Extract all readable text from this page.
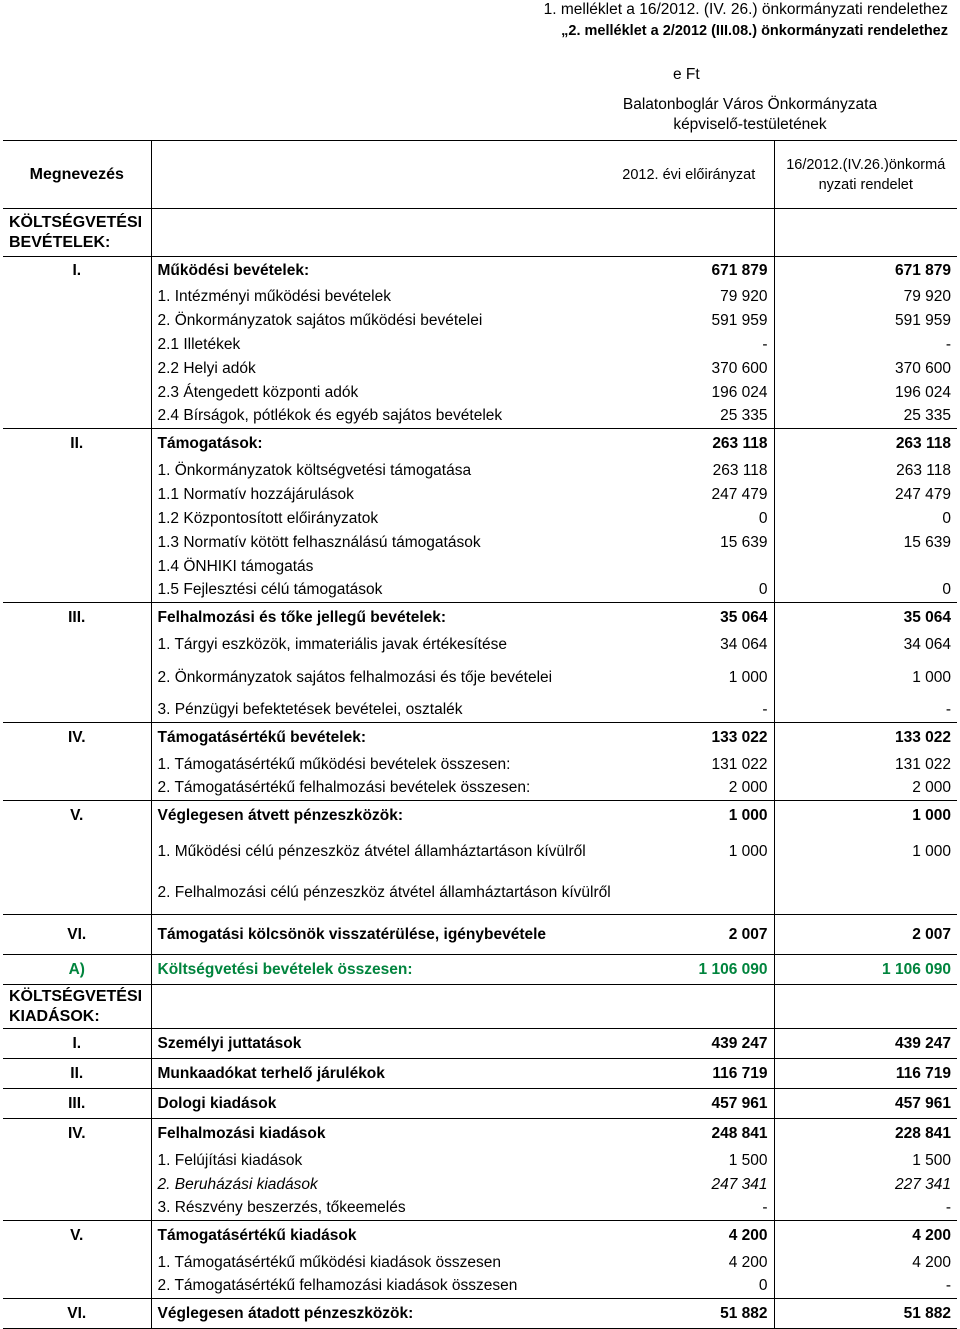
1. melléklet a 16/2012. (IV. 26.) önkormányzati rendelethez
„2. melléklet a 2/2012 (III.08.) önkormányzati rendelethez
e Ft
Balatonboglár Város Önkormányzata
képviselő-testületének
Megnevezés		2012. évi előirányzat	16/2012.(IV.26.)önkormá
nyzati rendelet
KÖLTSÉGVETÉSI BEVÉTELEK:			
I.	Működési bevételek:	671 879	671 879
	1. Intézményi működési bevételek	79 920	79 920
	2. Önkormányzatok sajátos működési bevételei	591 959	591 959
	2.1 Illetékek	-	-
	2.2 Helyi adók	370 600	370 600
	2.3 Átengedett központi adók	196 024	196 024
	2.4 Bírságok, pótlékok és egyéb sajátos bevételek	25 335	25 335
II.	Támogatások:	263 118	263 118
	1. Önkormányzatok költségvetési támogatása	263 118	263 118
	1.1 Normatív hozzájárulások	247 479	247 479
	1.2 Központosított előirányzatok	0	0
	1.3 Normatív kötött felhasználású támogatások	15 639	15 639
	1.4 ÖNHIKI támogatás		
	1.5 Fejlesztési célú támogatások	0	0
III.	Felhalmozási és tőke jellegű bevételek:	35 064	35 064
	1. Tárgyi eszközök, immateriális javak értékesítése	34 064	34 064
	2. Önkormányzatok sajátos felhalmozási és tője bevételei	1 000	1 000
	3. Pénzügyi befektetések bevételei, osztalék	-	-
IV.	Támogatásértékű bevételek:	133 022	133 022
	1. Támogatásértékű működési bevételek összesen:	131 022	131 022
	2. Támogatásértékű felhalmozási bevételek összesen:	2 000	2 000
V.	Véglegesen átvett pénzeszközök:	1 000	1 000
	1. Működési célú pénzeszköz átvétel államháztartáson kívülről	1 000	1 000
	2. Felhalmozási célú pénzeszköz átvétel államháztartáson kívülről		
VI.	Támogatási kölcsönök visszatérülése, igénybevétele	2 007	2 007
A)	Költségvetési bevételek összesen:	1 106 090	1 106 090
KÖLTSÉGVETÉSI KIADÁSOK:			
I.	Személyi juttatások	439 247	439 247
II.	Munkaadókat terhelő járulékok	116 719	116 719
III.	Dologi kiadások	457 961	457 961
IV.	Felhalmozási kiadások	248 841	228 841
	1. Felújítási kiadások	1 500	1 500
	2. Beruházási kiadások	247 341	227 341
	3. Részvény beszerzés, tőkeemelés	-	-
V.	Támogatásértékű kiadások	4 200	4 200
	1. Támogatásértékű működési kiadások összesen	4 200	4 200
	2. Támogatásértékű felhamozási kiadások összesen	0	-
VI.	Véglegesen átadott pénzeszközök:	51 882	51 882
